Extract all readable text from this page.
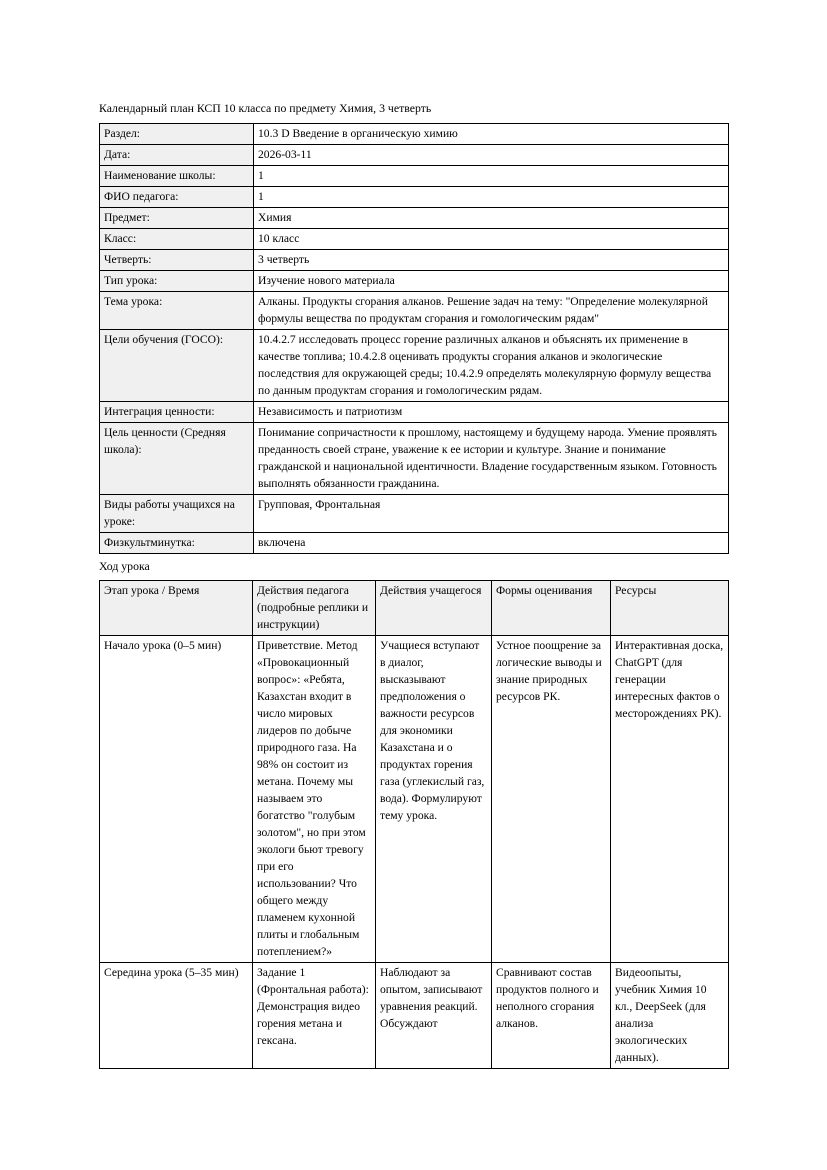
Календарный план КСП 10 класса по предмету Химия, 3 четверть

Раздел:	10.3 D Введение в органическую химию
Дата:	2026-03-11
Наименование школы:	1
ФИО педагога:	1
Предмет:	Химия
Класс:	10 класс
Четверть:	3 четверть
Тип урока:	Изучение нового материала
Тема урока:	Алканы. Продукты сгорания алканов. Решение задач на тему: "Определение молекулярной формулы вещества по продуктам сгорания и гомологическим рядам"
Цели обучения (ГОСО):	10.4.2.7 исследовать процесс горение различных алканов и объяснять их применение в качестве топлива; 10.4.2.8 оценивать продукты сгорания алканов и экологические последствия для окружающей среды; 10.4.2.9 определять молекулярную формулу вещества по данным продуктам сгорания и гомологическим рядам.
Интеграция ценности:	Независимость и патриотизм
Цель ценности (Средняя школа):	Понимание сопричастности к прошлому, настоящему и будущему народа. Умение проявлять преданность своей стране, уважение к ее истории и культуре. Знание и понимание гражданской и национальной идентичности. Владение государственным языком. Готовность выполнять обязанности гражданина.
Виды работы учащихся на уроке:	Групповая, Фронтальная
Физкультминутка:	включена

Ход урока

Этап урока / Время	Действия педагога (подробные реплики и инструкции)	Действия учащегося	Формы оценивания	Ресурсы
Начало урока (0–5 мин)	Приветствие. Метод «Провокационный вопрос»: «Ребята, Казахстан входит в число мировых лидеров по добыче природного газа. На 98% он состоит из метана. Почему мы называем это богатство "голубым золотом", но при этом экологи бьют тревогу при его использовании? Что общего между пламенем кухонной плиты и глобальным потеплением?»	Учащиеся вступают в диалог, высказывают предположения о важности ресурсов для экономики Казахстана и о продуктах горения газа (углекислый газ, вода). Формулируют тему урока.	Устное поощрение за логические выводы и знание природных ресурсов РК.	Интерактивная доска, ChatGPT (для генерации интересных фактов о месторождениях РК).
Середина урока (5–35 мин)	Задание 1 (Фронтальная работа): Демонстрация видео горения метана и гексана.	Наблюдают за опытом, записывают уравнения реакций. Обсуждают	Сравнивают состав продуктов полного и неполного сгорания алканов.	Видеоопыты, учебник Химия 10 кл., DeepSeek (для анализа экологических данных).
